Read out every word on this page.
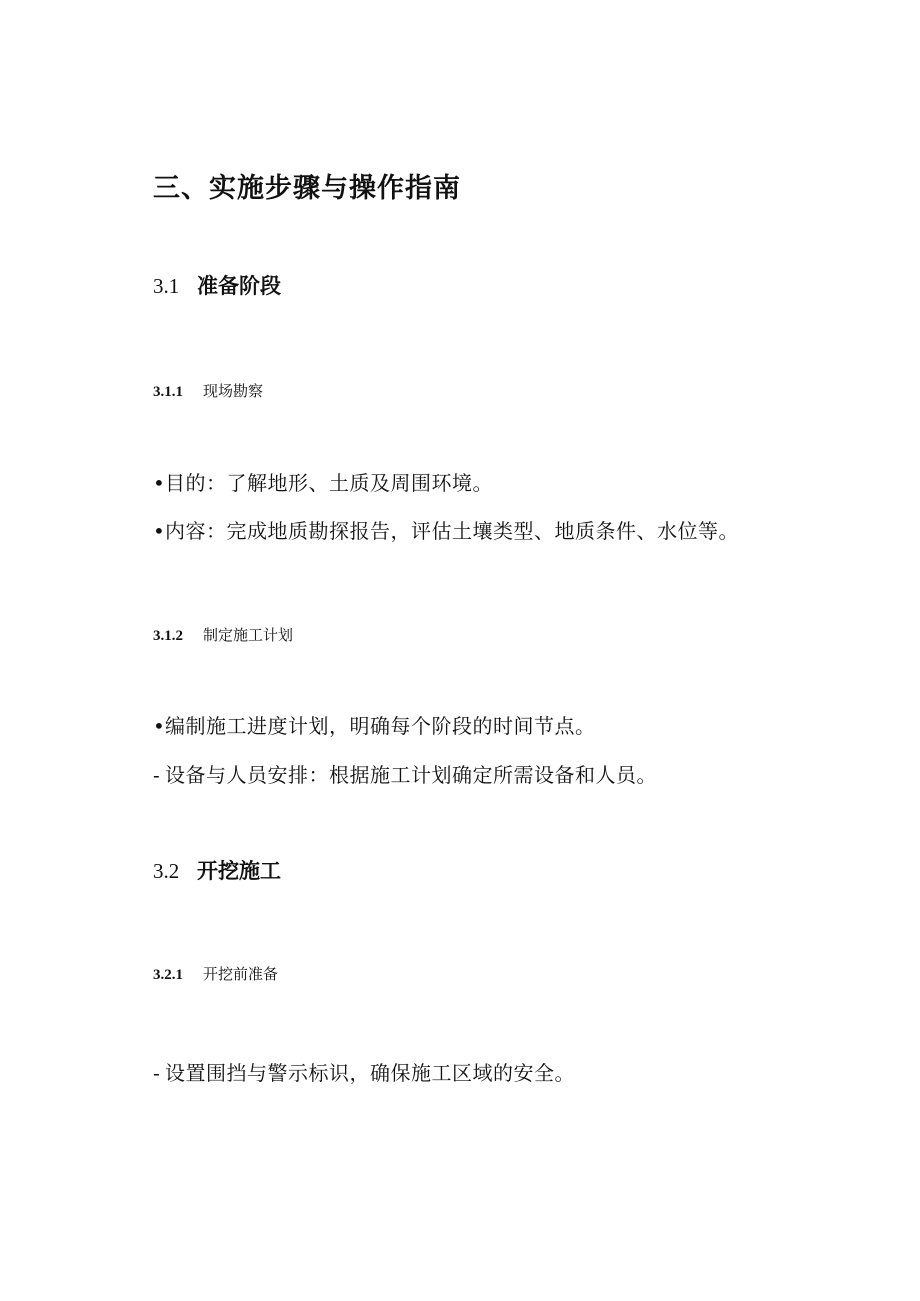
三、实施步骤与操作指南
3.1 准备阶段
3.1.1 现场勘察

•目的：了解地形、土质及周围环境。

•内容：完成地质勘探报告，评估土壤类型、地质条件、水位等。

3.1.2 制定施工计划

•编制施工进度计划，明确每个阶段的时间节点。

- 设备与人员安排：根据施工计划确定所需设备和人员。

3.2 开挖施工
3.2.1 开挖前准备

- 设置围挡与警示标识，确保施工区域的安全。
